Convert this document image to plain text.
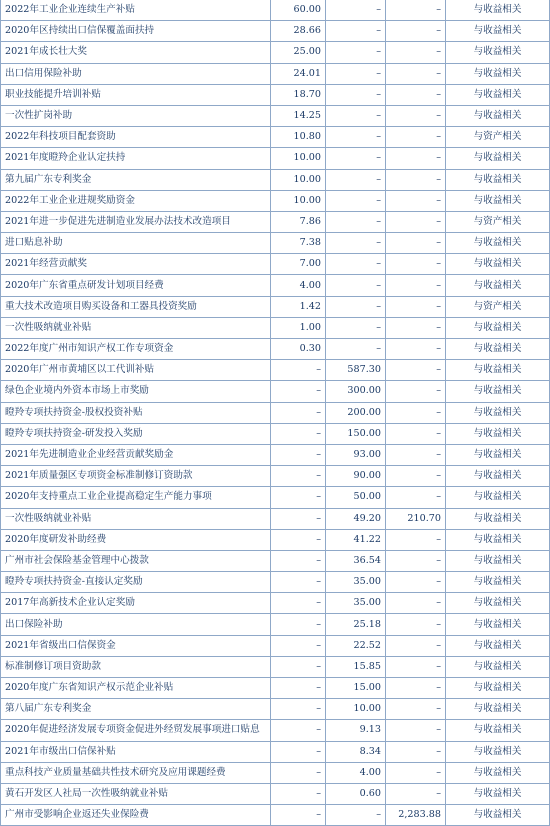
2022年工业企业连续生产补贴	60.00	–	–	与收益相关
2020年区持续出口信保覆盖面扶持	28.66	–	–	与收益相关
2021年成长壮大奖	25.00	–	–	与收益相关
出口信用保险补助	24.01	–	–	与收益相关
职业技能提升培训补贴	18.70	–	–	与收益相关
一次性扩岗补助	14.25	–	–	与收益相关
2022年科技项目配套资助	10.80	–	–	与资产相关
2021年度瞪羚企业认定扶持	10.00	–	–	与收益相关
第九届广东专利奖金	10.00	–	–	与收益相关
2022年工业企业进规奖励资金	10.00	–	–	与收益相关
2021年进一步促进先进制造业发展办法技术改造项目	7.86	–	–	与资产相关
进口贴息补助	7.38	–	–	与收益相关
2021年经营贡献奖	7.00	–	–	与收益相关
2020年广东省重点研发计划项目经费	4.00	–	–	与收益相关
重大技术改造项目购买设备和工器具投资奖励	1.42	–	–	与资产相关
一次性吸纳就业补贴	1.00	–	–	与收益相关
2022年度广州市知识产权工作专项资金	0.30	–	–	与收益相关
2020年广州市黄埔区以工代训补贴	–	587.30	–	与收益相关
绿色企业境内外资本市场上市奖励	–	300.00	–	与收益相关
瞪羚专项扶持资金-股权投资补贴	–	200.00	–	与收益相关
瞪羚专项扶持资金-研发投入奖励	–	150.00	–	与收益相关
2021年先进制造业企业经营贡献奖励金	–	93.00	–	与收益相关
2021年质量强区专项资金标准制修订资助款	–	90.00	–	与收益相关
2020年支持重点工业企业提高稳定生产能力事项	–	50.00	–	与收益相关
一次性吸纳就业补贴	–	49.20	210.70	与收益相关
2020年度研发补助经费	–	41.22	–	与收益相关
广州市社会保险基金管理中心拨款	–	36.54	–	与收益相关
瞪羚专项扶持资金-直接认定奖励	–	35.00	–	与收益相关
2017年高新技术企业认定奖励	–	35.00	–	与收益相关
出口保险补助	–	25.18	–	与收益相关
2021年省级出口信保资金	–	22.52	–	与收益相关
标准制修订项目资助款	–	15.85	–	与收益相关
2020年度广东省知识产权示范企业补贴	–	15.00	–	与收益相关
第八届广东专利奖金	–	10.00	–	与收益相关
2020年促进经济发展专项资金促进外经贸发展事项进口贴息	–	9.13	–	与收益相关
2021年市级出口信保补贴	–	8.34	–	与收益相关
重点科技产业质量基础共性技术研究及应用课题经费	–	4.00	–	与收益相关
黄石开发区人社局一次性吸纳就业补贴	–	0.60	–	与收益相关
广州市受影响企业返还失业保险费	–	–	2,283.88	与收益相关
